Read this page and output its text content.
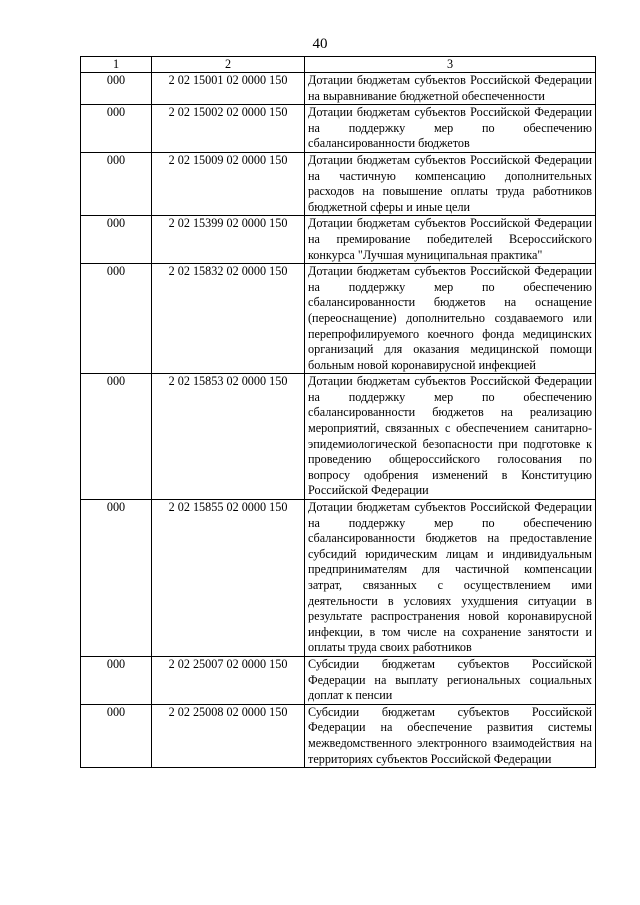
40
1	2	3
000	2 02 15001 02 0000 150	Дотации бюджетам субъектов Российской Федерации на выравнивание бюджетной обеспеченности
000	2 02 15002 02 0000 150	Дотации бюджетам субъектов Российской Федерации на поддержку мер по обеспечению сбалансированности бюджетов
000	2 02 15009 02 0000 150	Дотации бюджетам субъектов Российской Федерации на частичную компенсацию дополнительных расходов на повышение оплаты труда работников бюджетной сферы и иные цели
000	2 02 15399 02 0000 150	Дотации бюджетам субъектов Российской Федерации на премирование победителей Всероссийского конкурса "Лучшая муниципальная практика"
000	2 02 15832 02 0000 150	Дотации бюджетам субъектов Российской Федерации на поддержку мер по обеспечению сбалансированности бюджетов на оснащение (переоснащение) дополнительно создаваемого или перепрофилируемого коечного фонда медицинских организаций для оказания медицинской помощи больным новой коронавирусной инфекцией
000	2 02 15853 02 0000 150	Дотации бюджетам субъектов Российской Федерации на поддержку мер по обеспечению сбалансированности бюджетов на реализацию мероприятий, связанных с обеспечением санитарно-эпидемиологической безопасности при подготовке к проведению общероссийского голосования по вопросу одобрения изменений в Конституцию Российской Федерации
000	2 02 15855 02 0000 150	Дотации бюджетам субъектов Российской Федерации на поддержку мер по обеспечению сбалансированности бюджетов на предоставление субсидий юридическим лицам и индивидуальным предпринимателям для частичной компенсации затрат, связанных с осуществлением ими деятельности в условиях ухудшения ситуации в результате распространения новой коронавирусной инфекции, в том числе на сохранение занятости и оплаты труда своих работников
000	2 02 25007 02 0000 150	Субсидии бюджетам субъектов Российской Федерации на выплату региональных социальных доплат к пенсии
000	2 02 25008 02 0000 150	Субсидии бюджетам субъектов Российской Федерации на обеспечение развития системы межведомственного электронного взаимодействия на территориях субъектов Российской Федерации
